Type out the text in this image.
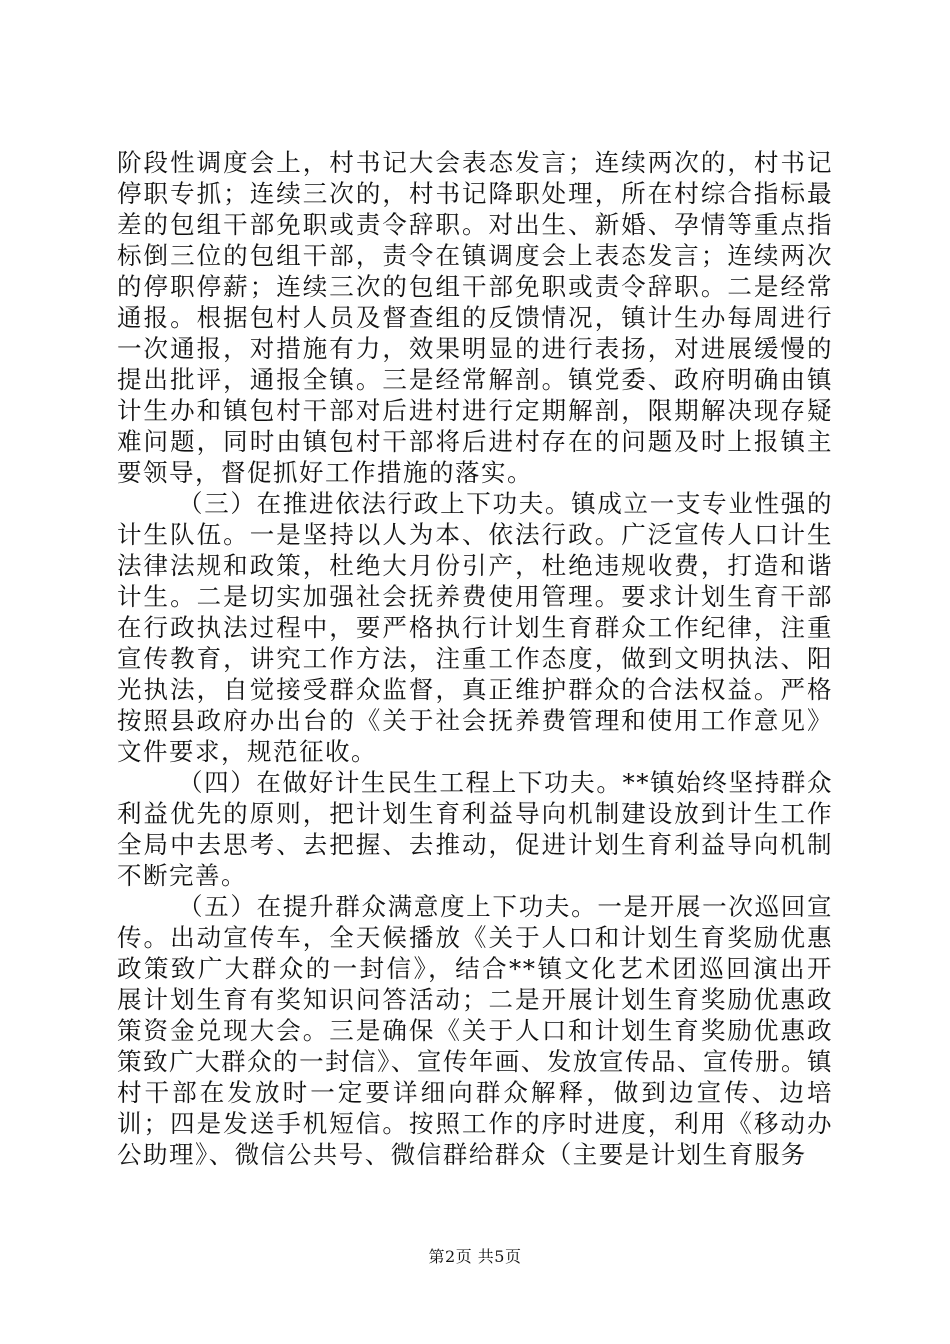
阶段性调度会上，村书记大会表态发言；连续两次的，村书记停职专抓；连续三次的，村书记降职处理，所在村综合指标最差的包组干部免职或责令辞职。对出生、新婚、孕情等重点指标倒三位的包组干部，责令在镇调度会上表态发言；连续两次的停职停薪；连续三次的包组干部免职或责令辞职。二是经常通报。根据包村人员及督查组的反馈情况，镇计生办每周进行一次通报，对措施有力，效果明显的进行表扬，对进展缓慢的提出批评，通报全镇。三是经常解剖。镇党委、政府明确由镇计生办和镇包村干部对后进村进行定期解剖，限期解决现存疑难问题，同时由镇包村干部将后进村存在的问题及时上报镇主要领导，督促抓好工作措施的落实。

（三）在推进依法行政上下功夫。镇成立一支专业性强的计生队伍。一是坚持以人为本、依法行政。广泛宣传人口计生法律法规和政策，杜绝大月份引产，杜绝违规收费，打造和谐计生。二是切实加强社会抚养费使用管理。要求计划生育干部在行政执法过程中，要严格执行计划生育群众工作纪律，注重宣传教育，讲究工作方法，注重工作态度，做到文明执法、阳光执法，自觉接受群众监督，真正维护群众的合法权益。严格按照县政府办出台的《关于社会抚养费管理和使用工作意见》文件要求，规范征收。

（四）在做好计生民生工程上下功夫。**镇始终坚持群众利益优先的原则，把计划生育利益导向机制建设放到计生工作全局中去思考、去把握、去推动，促进计划生育利益导向机制不断完善。

（五）在提升群众满意度上下功夫。一是开展一次巡回宣传。出动宣传车，全天候播放《关于人口和计划生育奖励优惠政策致广大群众的一封信》，结合**镇文化艺术团巡回演出开展计划生育有奖知识问答活动；二是开展计划生育奖励优惠政策资金兑现大会。三是确保《关于人口和计划生育奖励优惠政策致广大群众的一封信》、宣传年画、发放宣传品、宣传册。镇村干部在发放时一定要详细向群众解释，做到边宣传、边培训；四是发送手机短信。按照工作的序时进度，利用《移动办公助理》、微信公共号、微信群给群众（主要是计划生育服务

第2页 共5页
